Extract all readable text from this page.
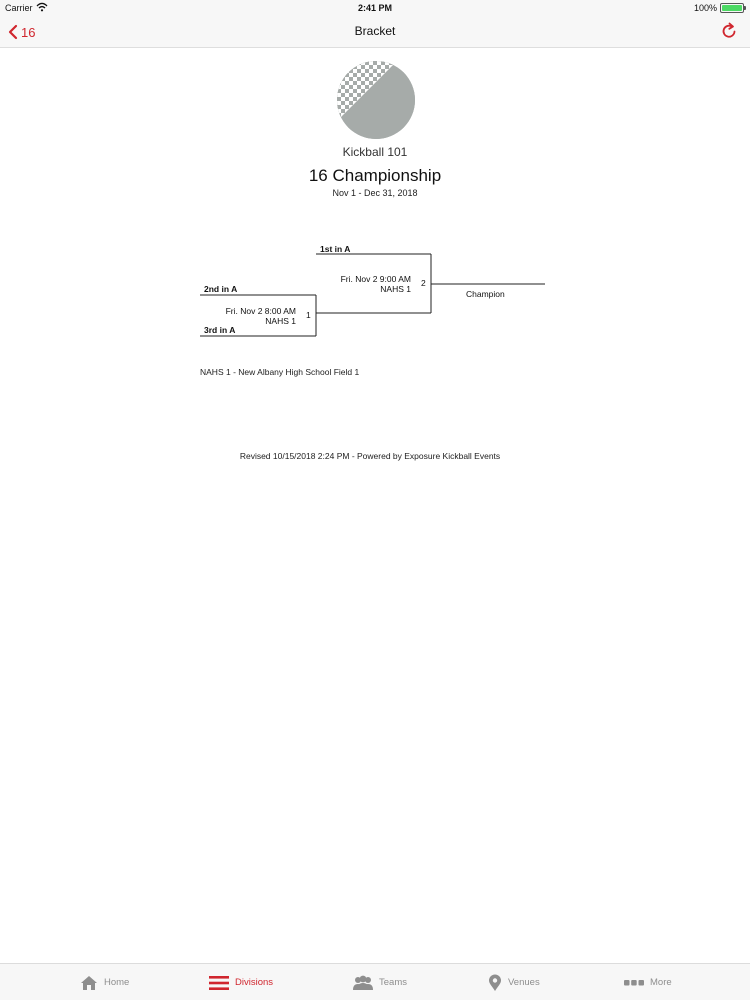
Carrier	2:41 PM	100%
16	Bracket
Kickball 101
16 Championship
Nov 1 - Dec 31, 2018
1st in A
Fri. Nov 2 9:00 AM
NAHS 1
2
2nd in A
Fri. Nov 2 8:00 AM
NAHS 1
1
3rd in A
Champion
NAHS 1 - New Albany High School Field 1
Revised 10/15/2018 2:24 PM - Powered by Exposure Kickball Events
Home	Divisions	Teams	Venues	More
